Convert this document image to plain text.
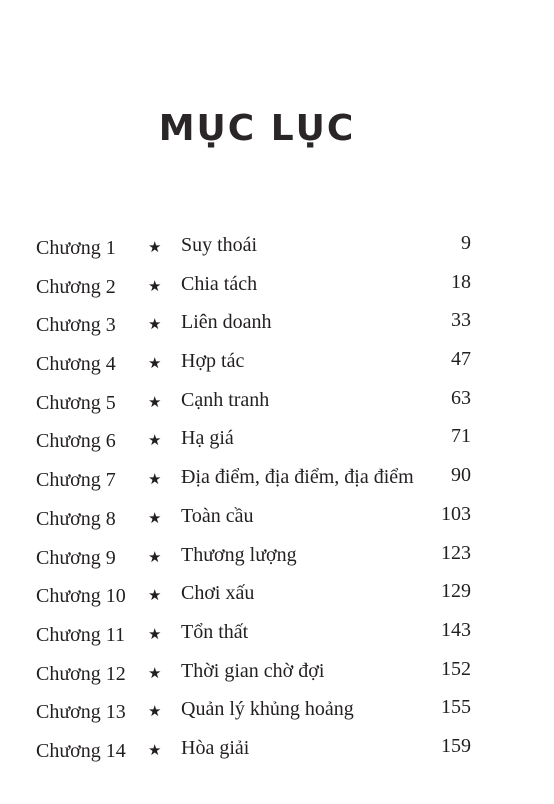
MỤC LỤC
Chương 1 ★ Suy thoái	9
Chương 2 ★ Chia tách	18
Chương 3 ★ Liên doanh	33
Chương 4 ★ Hợp tác	47
Chương 5 ★ Cạnh tranh	63
Chương 6 ★ Hạ giá	71
Chương 7 ★ Địa điểm, địa điểm, địa điểm 90
Chương 8 ★ Toàn cầu	103
Chương 9 ★ Thương lượng	123
Chương 10 ★ Chơi xấu	129
Chương 11 ★ Tổn thất	143
Chương 12 ★ Thời gian chờ đợi	152
Chương 13 ★ Quản lý khủng hoảng	155
Chương 14 ★ Hòa giải	159
